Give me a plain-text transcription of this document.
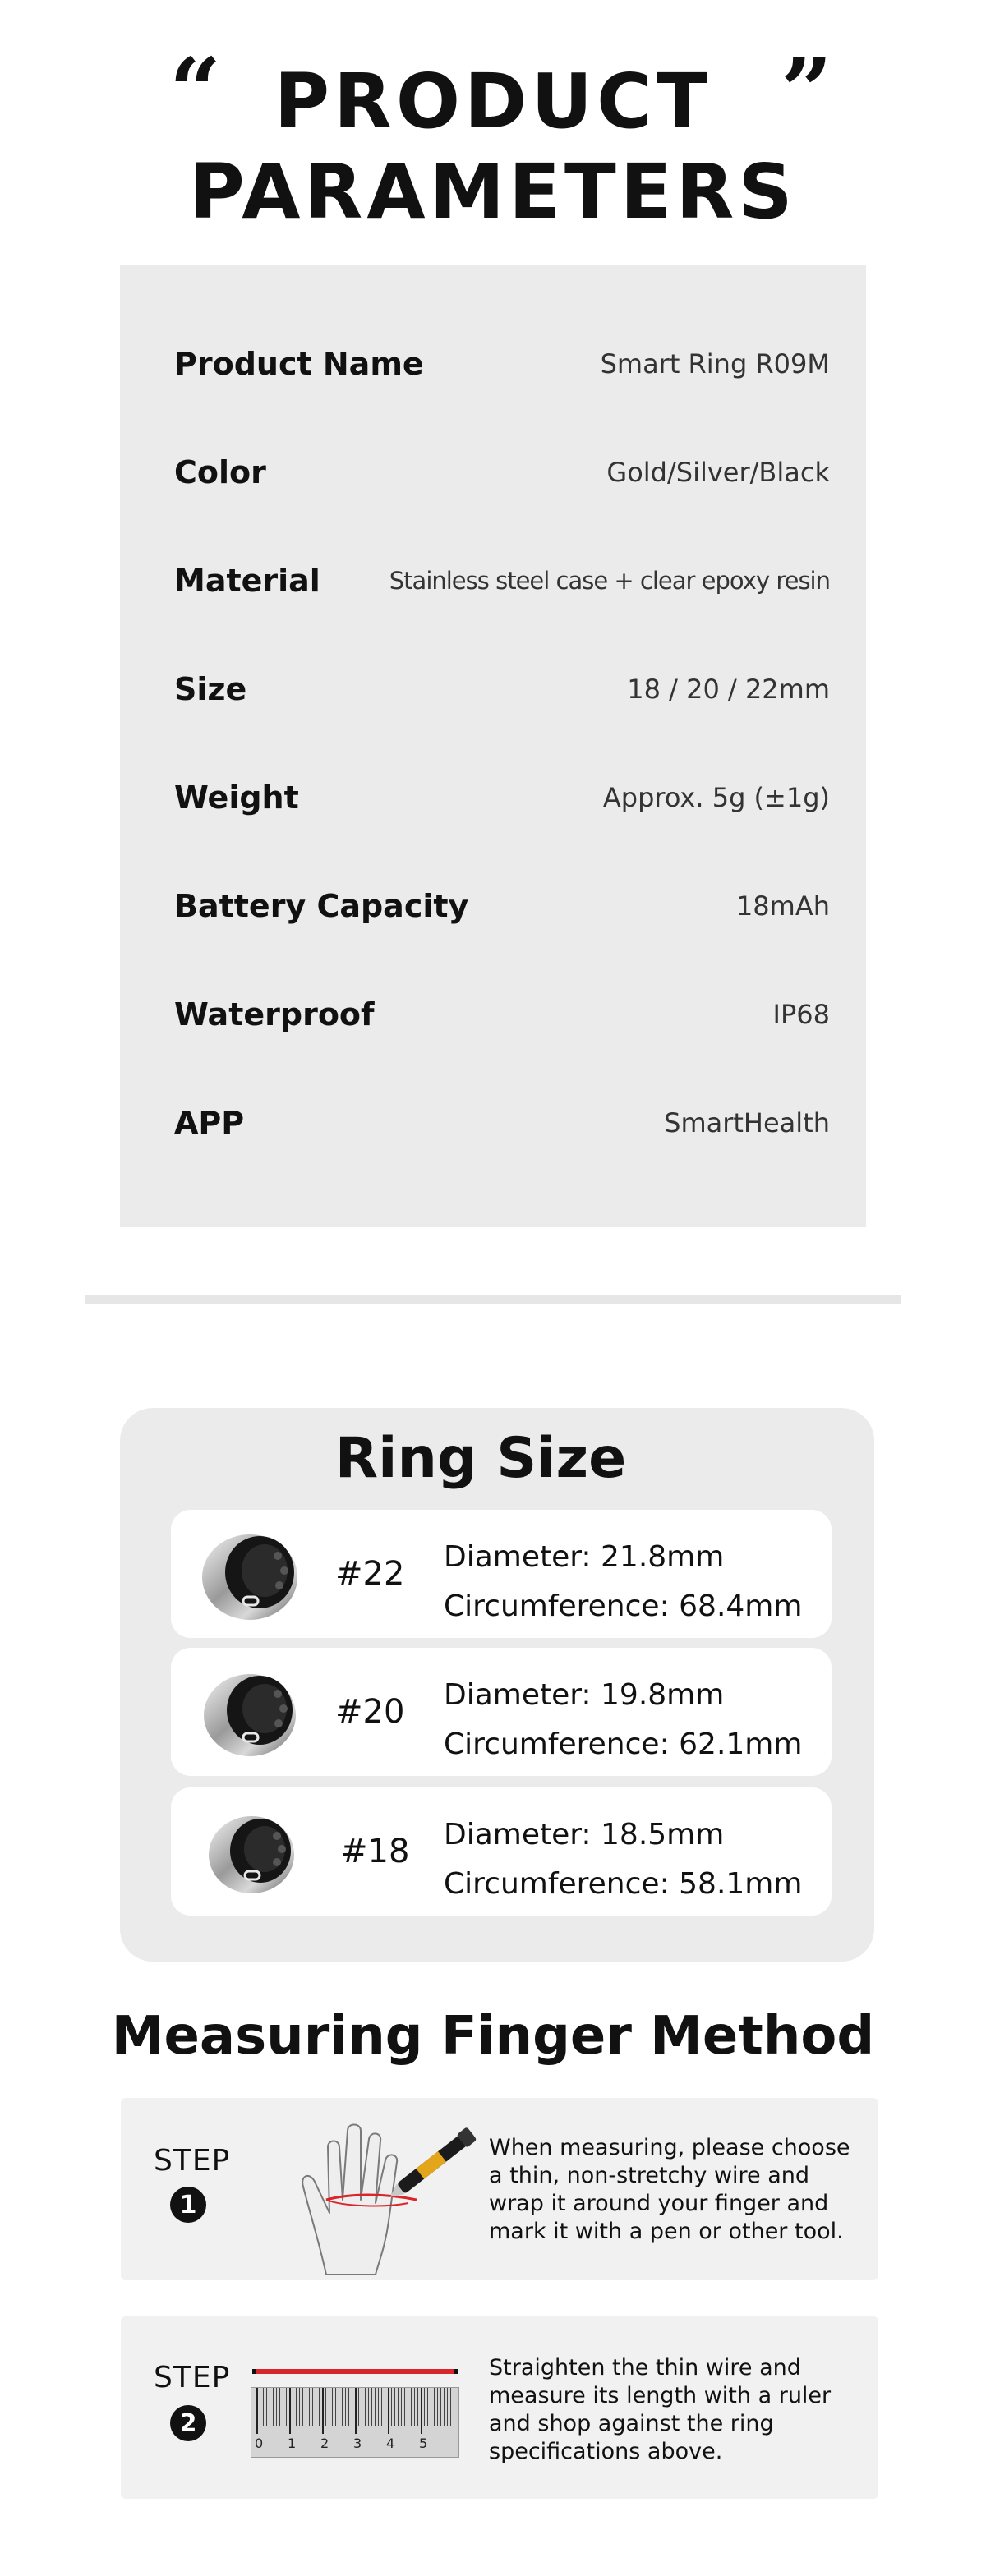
“	”
PRODUCT
PARAMETERS
Product Name	Smart Ring R09M
Color	Gold/Silver/Black
Material	Stainless steel case + clear epoxy resin
Size	18 / 20 / 22mm
Weight	Approx. 5g (±1g)
Battery Capacity	18mAh
Waterproof	IP68
APP	SmartHealth
Ring Size
#22 Diameter: 21.8mm
Circumference: 68.4mm
#20 Diameter: 19.8mm
Circumference: 62.1mm
#18 Diameter: 18.5mm
Circumference: 58.1mm
Measuring Finger Method
STEP
1
When measuring, please choose a thin, non-stretchy wire and wrap it around your finger and mark it with a pen or other tool.
STEP
2
0 1 2 3 4 5
Straighten the thin wire and measure its length with a ruler and shop against the ring specifications above.
